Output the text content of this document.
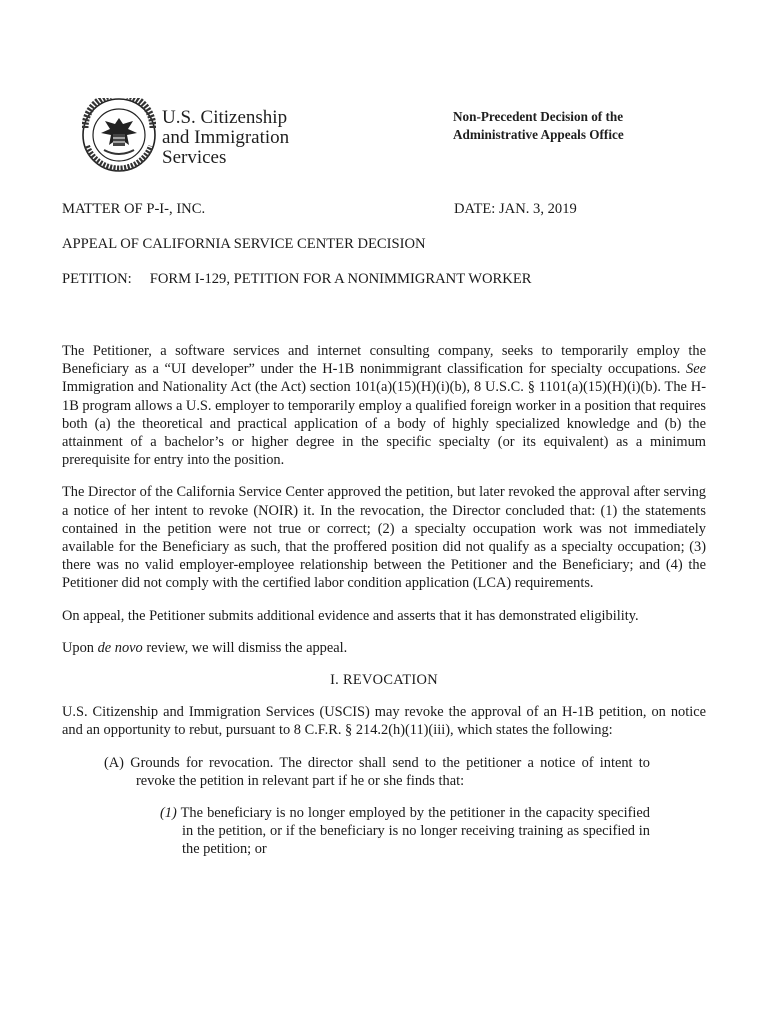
U.S. Citizenship
and Immigration
Services
Non-Precedent Decision of the
Administrative Appeals Office
MATTER OF P-I-, INC.	DATE: JAN. 3, 2019
APPEAL OF CALIFORNIA SERVICE CENTER DECISION
PETITION: FORM I-129, PETITION FOR A NONIMMIGRANT WORKER

The Petitioner, a software services and internet consulting company, seeks to temporarily employ the Beneficiary as a “UI developer” under the H-1B nonimmigrant classification for specialty occupations. See Immigration and Nationality Act (the Act) section 101(a)(15)(H)(i)(b), 8 U.S.C. § 1101(a)(15)(H)(i)(b). The H-1B program allows a U.S. employer to temporarily employ a qualified foreign worker in a position that requires both (a) the theoretical and practical application of a body of highly specialized knowledge and (b) the attainment of a bachelor’s or higher degree in the specific specialty (or its equivalent) as a minimum prerequisite for entry into the position.

The Director of the California Service Center approved the petition, but later revoked the approval after serving a notice of her intent to revoke (NOIR) it. In the revocation, the Director concluded that: (1) the statements contained in the petition were not true or correct; (2) a specialty occupation work was not immediately available for the Beneficiary as such, that the proffered position did not qualify as a specialty occupation; (3) there was no valid employer-employee relationship between the Petitioner and the Beneficiary; and (4) the Petitioner did not comply with the certified labor condition application (LCA) requirements.

On appeal, the Petitioner submits additional evidence and asserts that it has demonstrated eligibility.

Upon de novo review, we will dismiss the appeal.

I. REVOCATION

U.S. Citizenship and Immigration Services (USCIS) may revoke the approval of an H-1B petition, on notice and an opportunity to rebut, pursuant to 8 C.F.R. § 214.2(h)(11)(iii), which states the following:

(A) Grounds for revocation. The director shall send to the petitioner a notice of intent to revoke the petition in relevant part if he or she finds that:

(1) The beneficiary is no longer employed by the petitioner in the capacity specified in the petition, or if the beneficiary is no longer receiving training as specified in the petition; or
